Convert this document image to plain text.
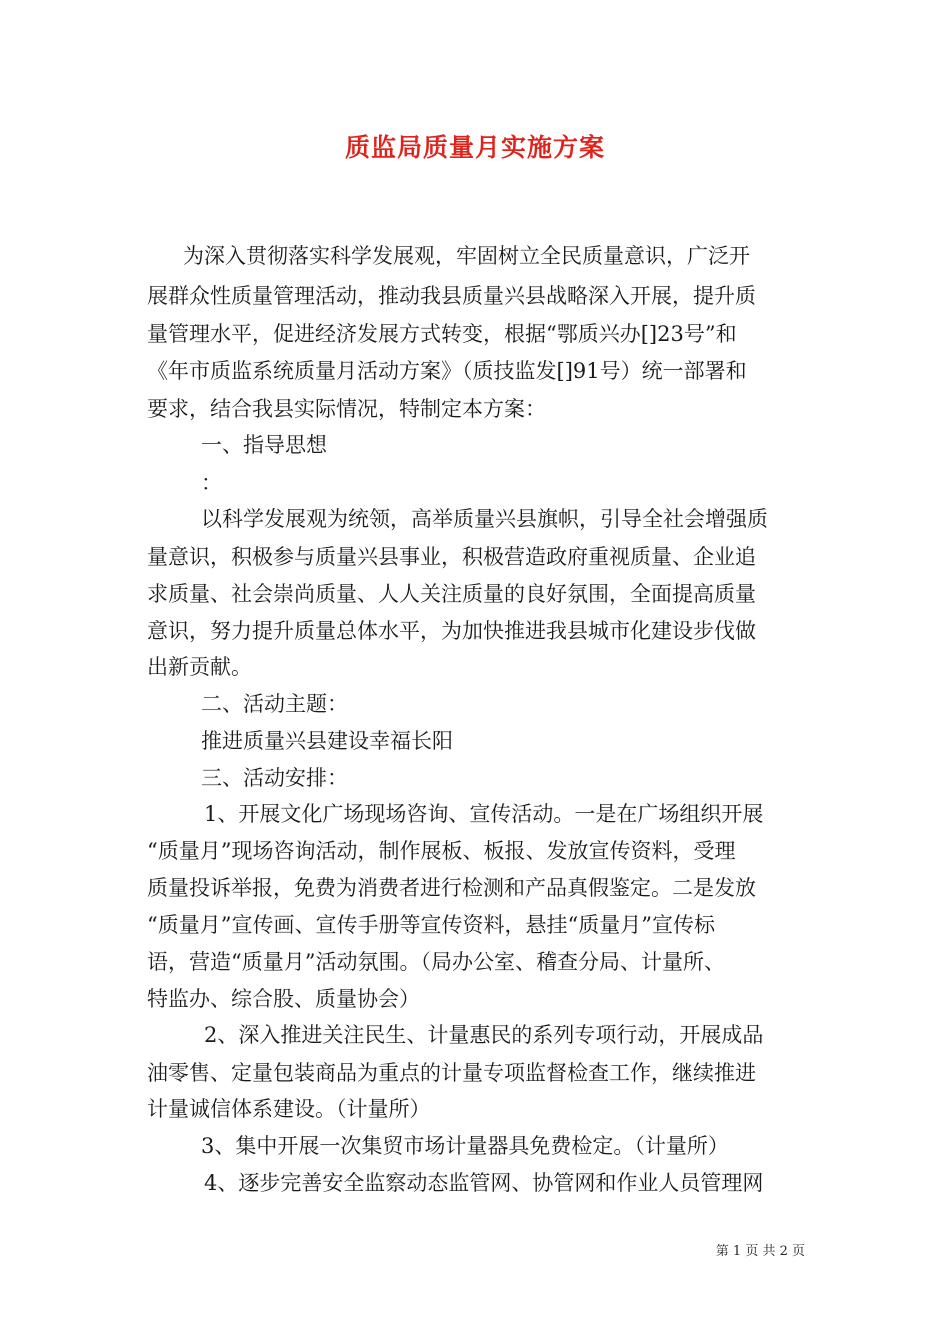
质监局质量月实施方案
为深入贯彻落实科学发展观，牢固树立全民质量意识，广泛开
展群众性质量管理活动，推动我县质量兴县战略深入开展，提升质
量管理水平，促进经济发展方式转变，根据“鄂质兴办[]23号”和
《年市质监系统质量月活动方案》（质技监发[]91号）统一部署和
要求，结合我县实际情况，特制定本方案：
一、指导思想
：
以科学发展观为统领，高举质量兴县旗帜，引导全社会增强质
量意识，积极参与质量兴县事业，积极营造政府重视质量、企业追
求质量、社会崇尚质量、人人关注质量的良好氛围，全面提高质量
意识，努力提升质量总体水平，为加快推进我县城市化建设步伐做
出新贡献。
二、活动主题：
推进质量兴县建设幸福长阳
三、活动安排：
1、开展文化广场现场咨询、宣传活动。一是在广场组织开展
“质量月”现场咨询活动，制作展板、板报、发放宣传资料，受理
质量投诉举报，免费为消费者进行检测和产品真假鉴定。二是发放
“质量月”宣传画、宣传手册等宣传资料，悬挂“质量月”宣传标
语，营造“质量月”活动氛围。（局办公室、稽查分局、计量所、
特监办、综合股、质量协会）
2、深入推进关注民生、计量惠民的系列专项行动，开展成品
油零售、定量包装商品为重点的计量专项监督检查工作，继续推进
计量诚信体系建设。（计量所）
3、集中开展一次集贸市场计量器具免费检定。（计量所）
4、逐步完善安全监察动态监管网、协管网和作业人员管理网
第 1 页 共 2 页
